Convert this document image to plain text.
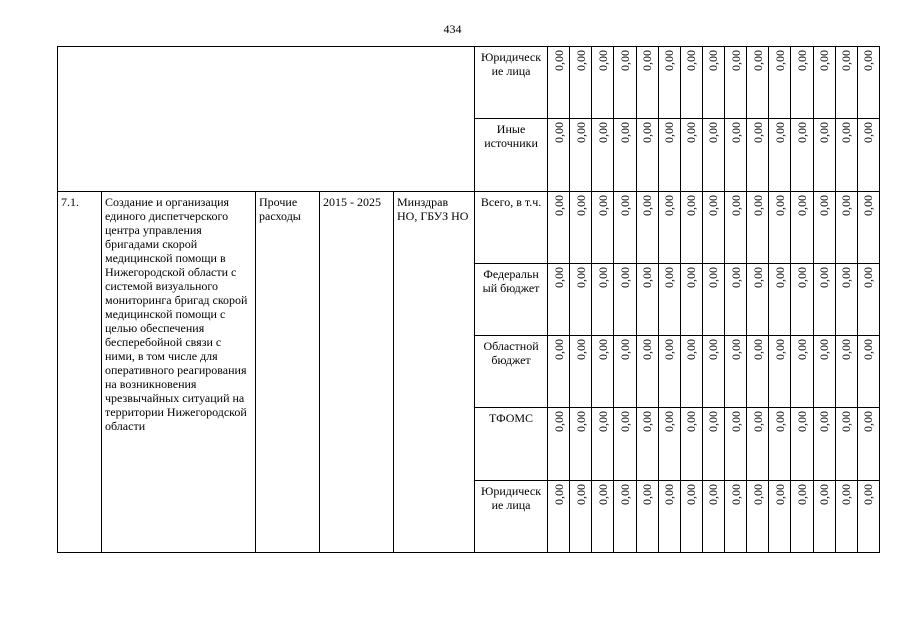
434
					Юридическ ие лица	0,00	0,00	0,00	0,00	0,00	0,00	0,00	0,00	0,00	0,00	0,00	0,00	0,00	0,00	0,00

					Иные источники	0,00	0,00	0,00	0,00	0,00	0,00	0,00	0,00	0,00	0,00	0,00	0,00	0,00	0,00	0,00

7.1.	Создание и организация единого диспетчерского центра управления бригадами скорой медицинской помощи в Нижегородской области с системой визуального мониторинга бригад скорой медицинской помощи с целью обеспечения бесперебойной связи с ними, в том числе для оперативного реагирования на возникновения чрезвычайных ситуаций на территории Нижегородской области	Прочие расходы	2015 - 2025	Минздрав НО, ГБУЗ НО	Всего, в т.ч.	0,00	0,00	0,00	0,00	0,00	0,00	0,00	0,00	0,00	0,00	0,00	0,00	0,00	0,00	0,00

					Федеральн ый бюджет	0,00	0,00	0,00	0,00	0,00	0,00	0,00	0,00	0,00	0,00	0,00	0,00	0,00	0,00	0,00

					Областной бюджет	0,00	0,00	0,00	0,00	0,00	0,00	0,00	0,00	0,00	0,00	0,00	0,00	0,00	0,00	0,00

					ТФОМС	0,00	0,00	0,00	0,00	0,00	0,00	0,00	0,00	0,00	0,00	0,00	0,00	0,00	0,00	0,00

					Юридическ ие лица	0,00	0,00	0,00	0,00	0,00	0,00	0,00	0,00	0,00	0,00	0,00	0,00	0,00	0,00	0,00
